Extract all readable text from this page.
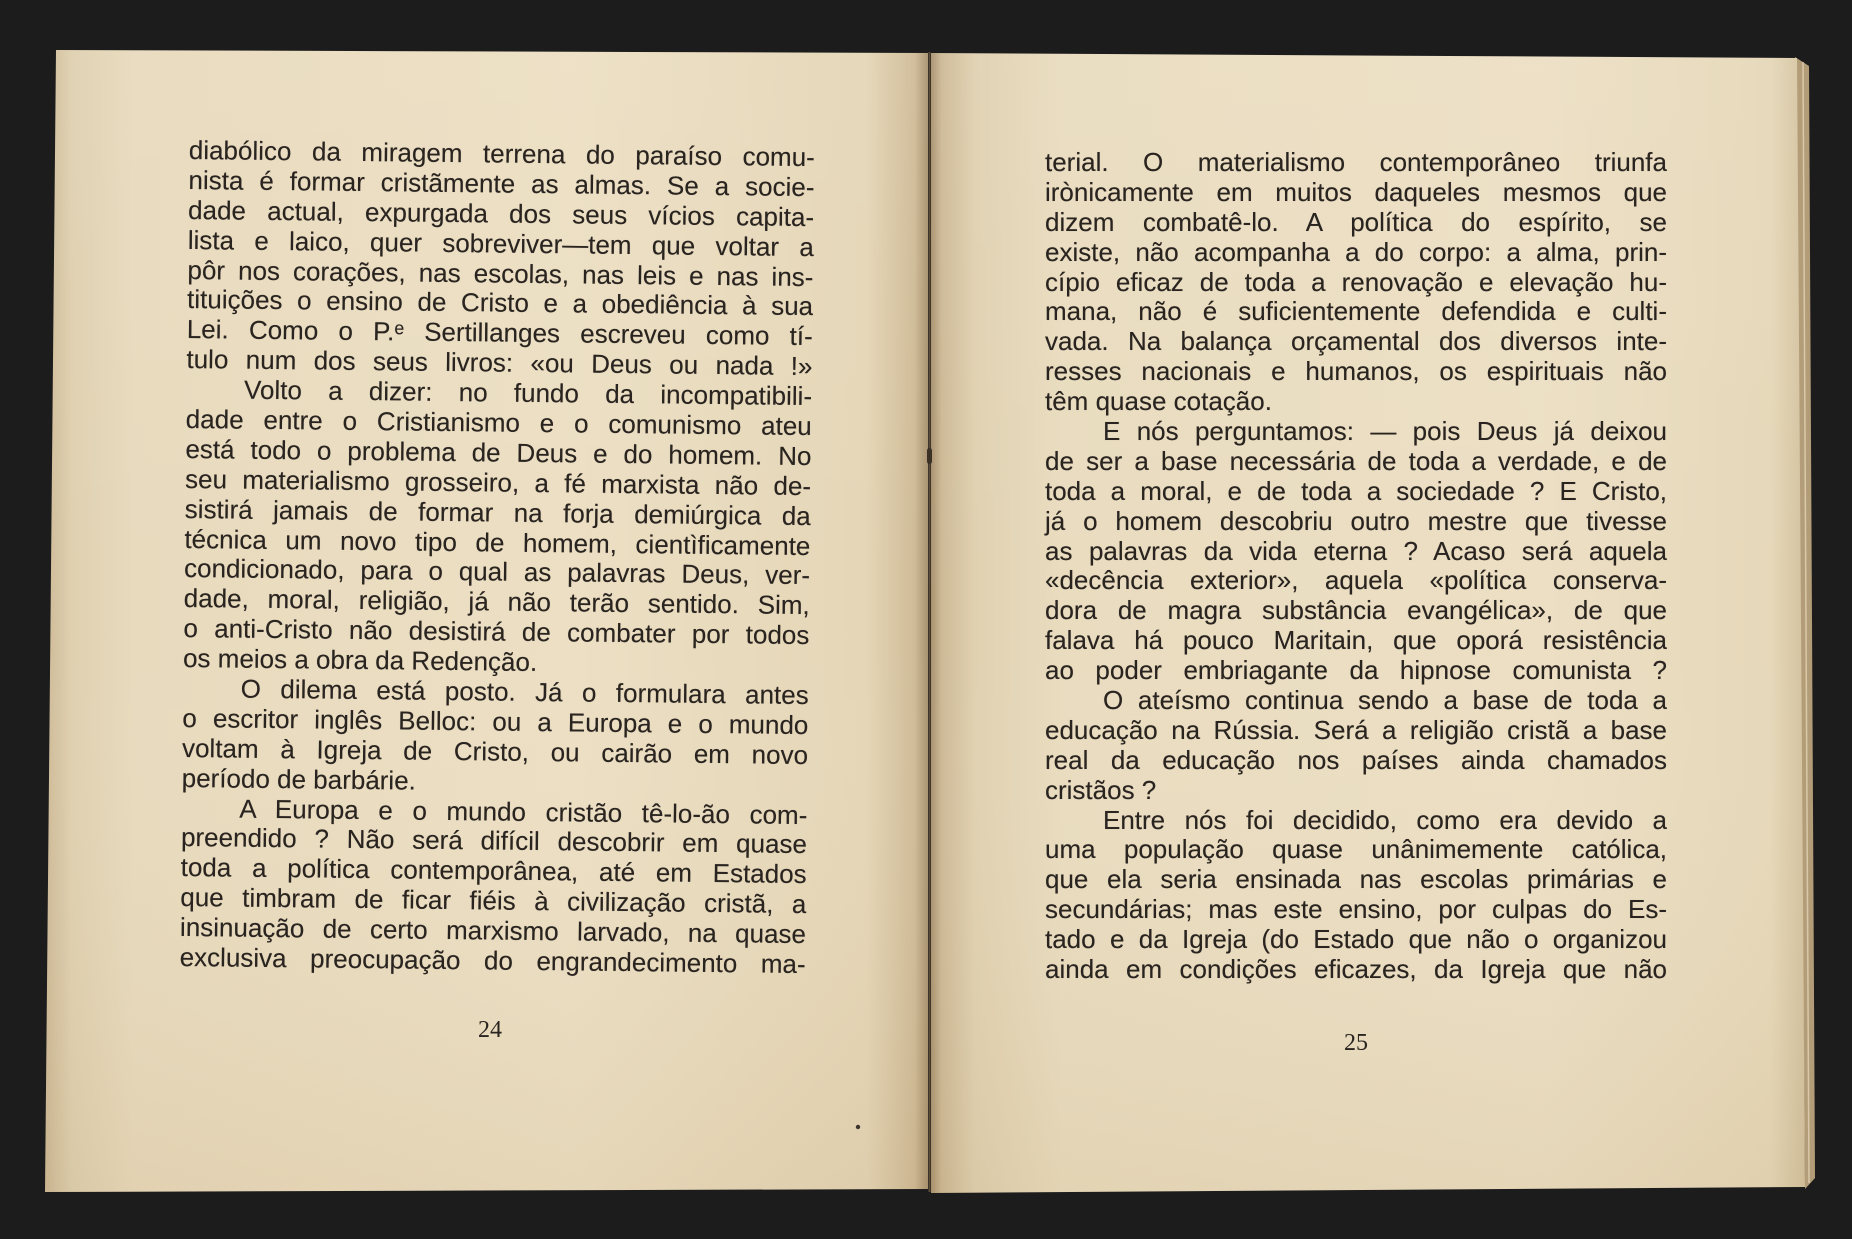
diabólico da miragem terrena do paraíso comu-
nista é formar cristãmente as almas. Se a socie-
dade actual, expurgada dos seus vícios capita-
lista e laico, quer sobreviver—tem que voltar a
pôr nos corações, nas escolas, nas leis e nas ins-
tituições o ensino de Cristo e a obediência à sua
Lei. Como o P.ᵉ Sertillanges escreveu como tí-
tulo num dos seus livros: «ou Deus ou nada !»
Volto a dizer: no fundo da incompatibili-
dade entre o Cristianismo e o comunismo ateu
está todo o problema de Deus e do homem. No
seu materialismo grosseiro, a fé marxista não de-
sistirá jamais de formar na forja demiúrgica da
técnica um novo tipo de homem, cientìficamente
condicionado, para o qual as palavras Deus, ver-
dade, moral, religião, já não terão sentido. Sim,
o anti-Cristo não desistirá de combater por todos
os meios a obra da Redenção.
O dilema está posto. Já o formulara antes
o escritor inglês Belloc: ou a Europa e o mundo
voltam à Igreja de Cristo, ou cairão em novo
período de barbárie.
A Europa e o mundo cristão tê-lo-ão com-
preendido ? Não será difícil descobrir em quase
toda a política contemporânea, até em Estados
que timbram de ficar fiéis à civilização cristã, a
insinuação de certo marxismo larvado, na quase
exclusiva preocupação do engrandecimento ma-
24
terial. O materialismo contemporâneo triunfa
irònicamente em muitos daqueles mesmos que
dizem combatê-lo. A política do espírito, se
existe, não acompanha a do corpo: a alma, prin-
cípio eficaz de toda a renovação e elevação hu-
mana, não é suficientemente defendida e culti-
vada. Na balança orçamental dos diversos inte-
resses nacionais e humanos, os espirituais não
têm quase cotação.
E nós perguntamos: — pois Deus já deixou
de ser a base necessária de toda a verdade, e de
toda a moral, e de toda a sociedade ? E Cristo,
já o homem descobriu outro mestre que tivesse
as palavras da vida eterna ? Acaso será aquela
«decência exterior», aquela «política conserva-
dora de magra substância evangélica», de que
falava há pouco Maritain, que oporá resistência
ao poder embriagante da hipnose comunista ?
O ateísmo continua sendo a base de toda a
educação na Rússia. Será a religião cristã a base
real da educação nos países ainda chamados
cristãos ?
Entre nós foi decidido, como era devido a
uma população quase unânimemente católica,
que ela seria ensinada nas escolas primárias e
secundárias; mas este ensino, por culpas do Es-
tado e da Igreja (do Estado que não o organizou
ainda em condições eficazes, da Igreja que não
25
